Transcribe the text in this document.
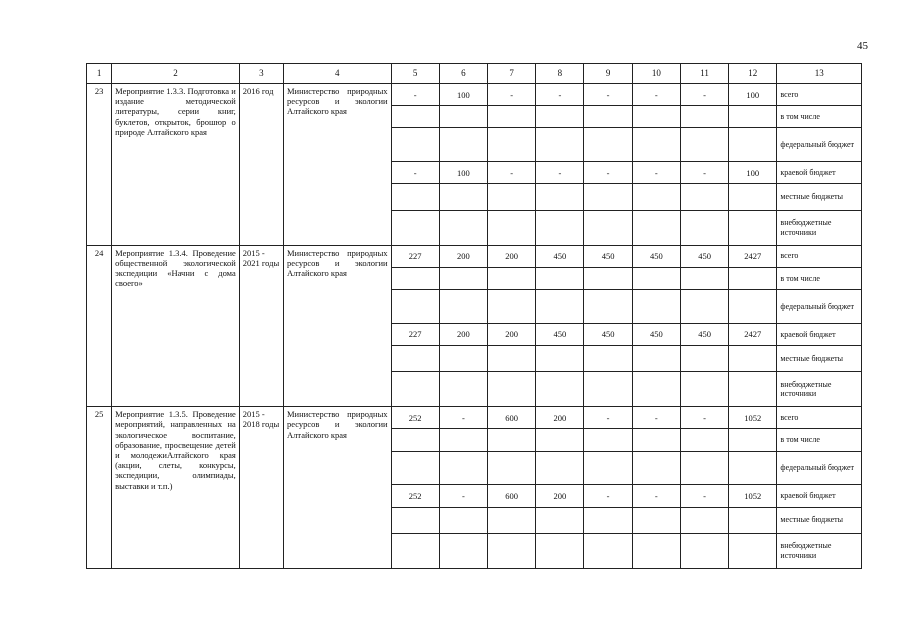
45
1	2	3	4	5	6	7	8	9	10	11	12	13
23	Мероприятие 1.3.3. Подготовка и издание методической литературы, серии книг, буклетов, открыток, брошюр о природе Алтайского края	2016 год	Министерство природных ресурсов и экологии Алтайского края	-	100	-	-	-	-	-	100	всего
												в том числе
												федеральный бюджет
				-	100	-	-	-	-	-	100	краевой бюджет
												местные бюджеты
												внебюджетные источники
24	Мероприятие 1.3.4. Проведение общественной экологической экспедиции «Начни с дома своего»	2015 - 2021 годы	Министерство природных ресурсов и экологии Алтайского края	227	200	200	450	450	450	450	2427	всего
												в том числе
												федеральный бюджет
				227	200	200	450	450	450	450	2427	краевой бюджет
												местные бюджеты
												внебюджетные источники
25	Мероприятие 1.3.5. Проведение мероприятий, направленных на экологическое воспитание, образование, просвещение детей и молодежиАлтайского края (акции, слеты, конкурсы, экспедиции, олимпиады, выставки и т.п.)	2015 - 2018 годы	Министерство природных ресурсов и экологии Алтайского края	252	-	600	200	-	-	-	1052	всего
												в том числе
												федеральный бюджет
				252	-	600	200	-	-	-	1052	краевой бюджет
												местные бюджеты
												внебюджетные источники
